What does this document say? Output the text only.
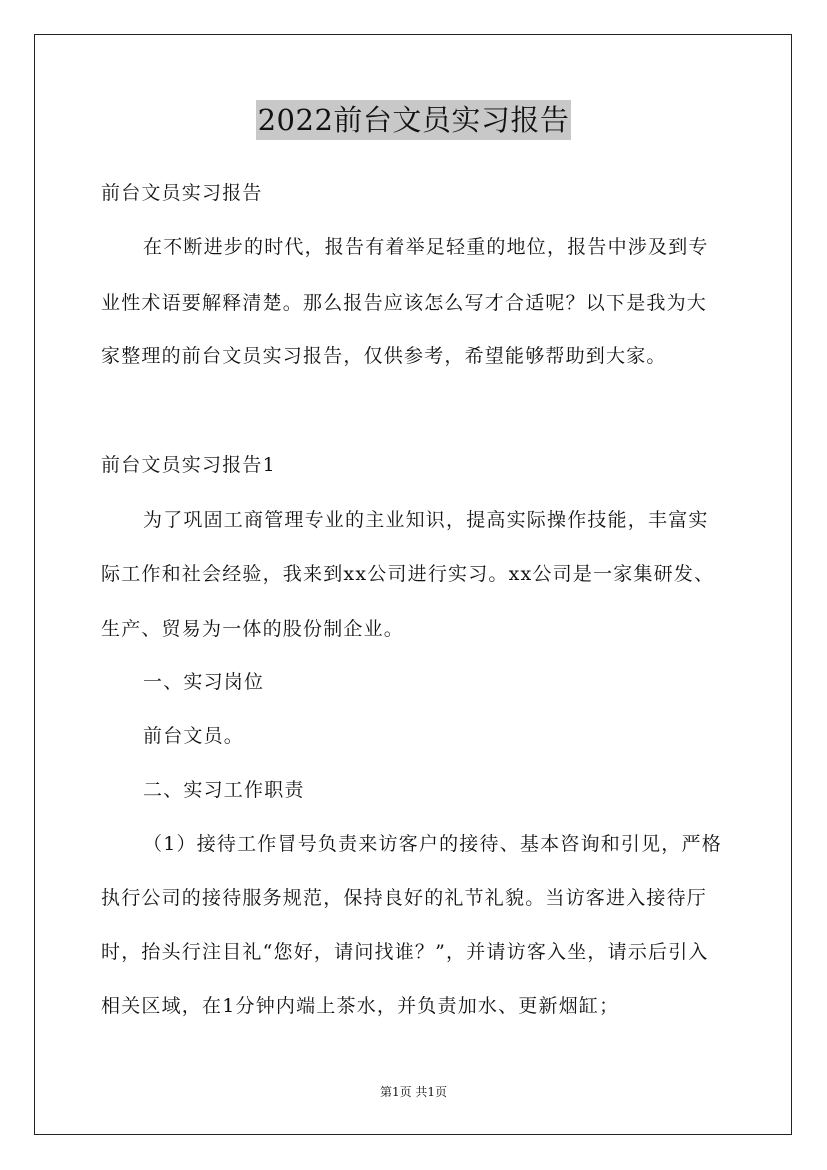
2022前台文员实习报告
前台文员实习报告
在不断进步的时代，报告有着举足轻重的地位，报告中涉及到专
业性术语要解释清楚。那么报告应该怎么写才合适呢？以下是我为大
家整理的前台文员实习报告，仅供参考，希望能够帮助到大家。
前台文员实习报告1
为了巩固工商管理专业的主业知识，提高实际操作技能，丰富实
际工作和社会经验，我来到xx公司进行实习。xx公司是一家集研发、
生产、贸易为一体的股份制企业。
一、实习岗位
前台文员。
二、实习工作职责
（1）接待工作冒号负责来访客户的接待、基本咨询和引见，严格
执行公司的接待服务规范，保持良好的礼节礼貌。当访客进入接待厅
时，抬头行注目礼“您好，请问找谁？”，并请访客入坐，请示后引入
相关区域，在1分钟内端上茶水，并负责加水、更新烟缸；
第1页 共1页
